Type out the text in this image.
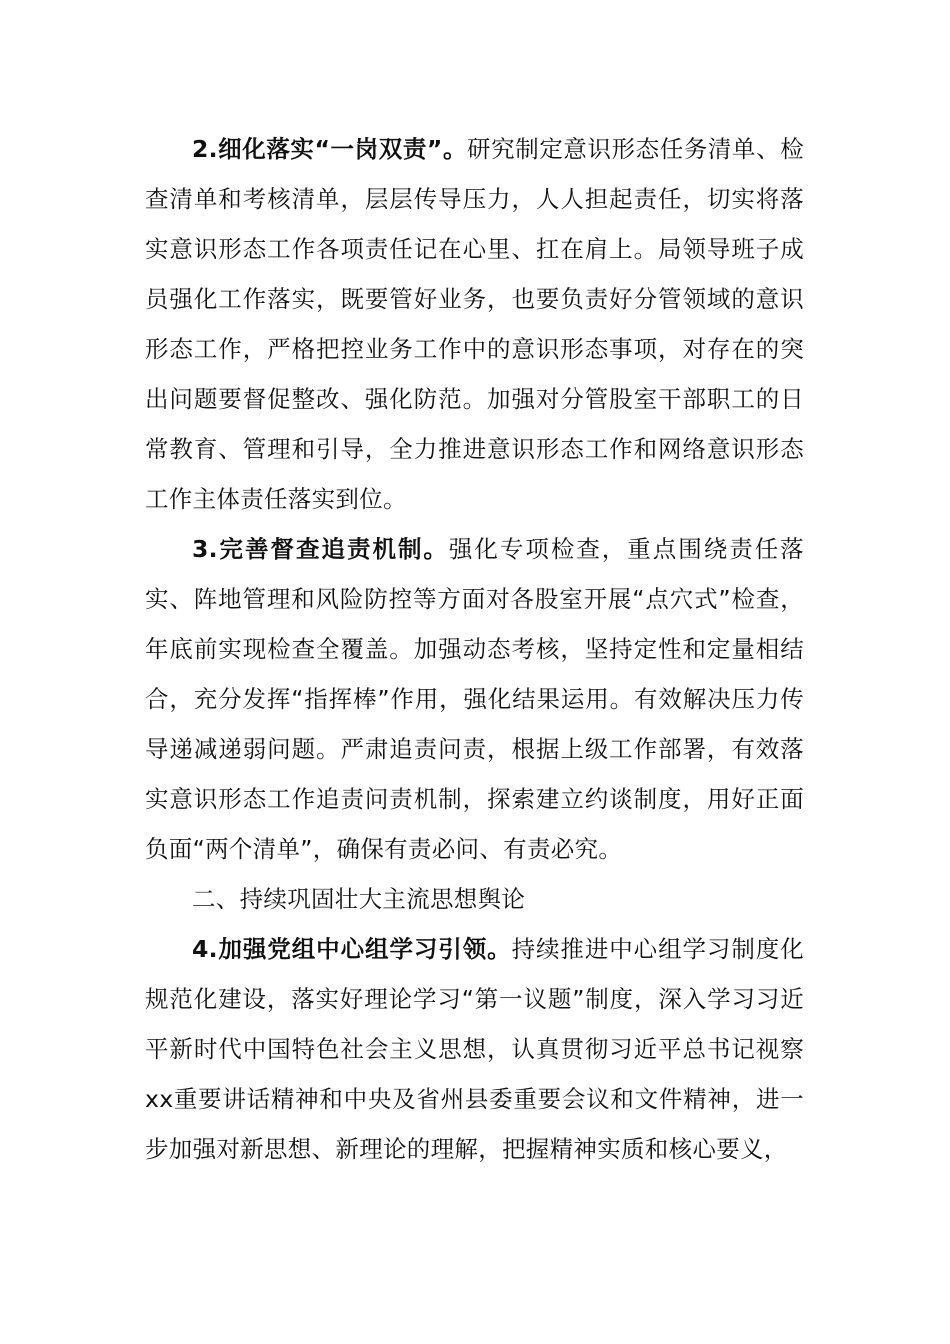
2.细化落实“一岗双责”。研究制定意识形态任务清单、检查清单和考核清单，层层传导压力，人人担起责任，切实将落实意识形态工作各项责任记在心里、扛在肩上。局领导班子成员强化工作落实，既要管好业务，也要负责好分管领域的意识形态工作，严格把控业务工作中的意识形态事项，对存在的突出问题要督促整改、强化防范。加强对分管股室干部职工的日常教育、管理和引导，全力推进意识形态工作和网络意识形态工作主体责任落实到位。

3.完善督查追责机制。强化专项检查，重点围绕责任落实、阵地管理和风险防控等方面对各股室开展“点穴式”检查，年底前实现检查全覆盖。加强动态考核，坚持定性和定量相结合，充分发挥“指挥棒”作用，强化结果运用。有效解决压力传导递减递弱问题。严肃追责问责，根据上级工作部署，有效落实意识形态工作追责问责机制，探索建立约谈制度，用好正面负面“两个清单”，确保有责必问、有责必究。

二、持续巩固壮大主流思想舆论

4.加强党组中心组学习引领。持续推进中心组学习制度化规范化建设，落实好理论学习“第一议题”制度，深入学习习近平新时代中国特色社会主义思想，认真贯彻习近平总书记视察xx重要讲话精神和中央及省州县委重要会议和文件精神，进一步加强对新思想、新理论的理解，把握精神实质和核心要义，
